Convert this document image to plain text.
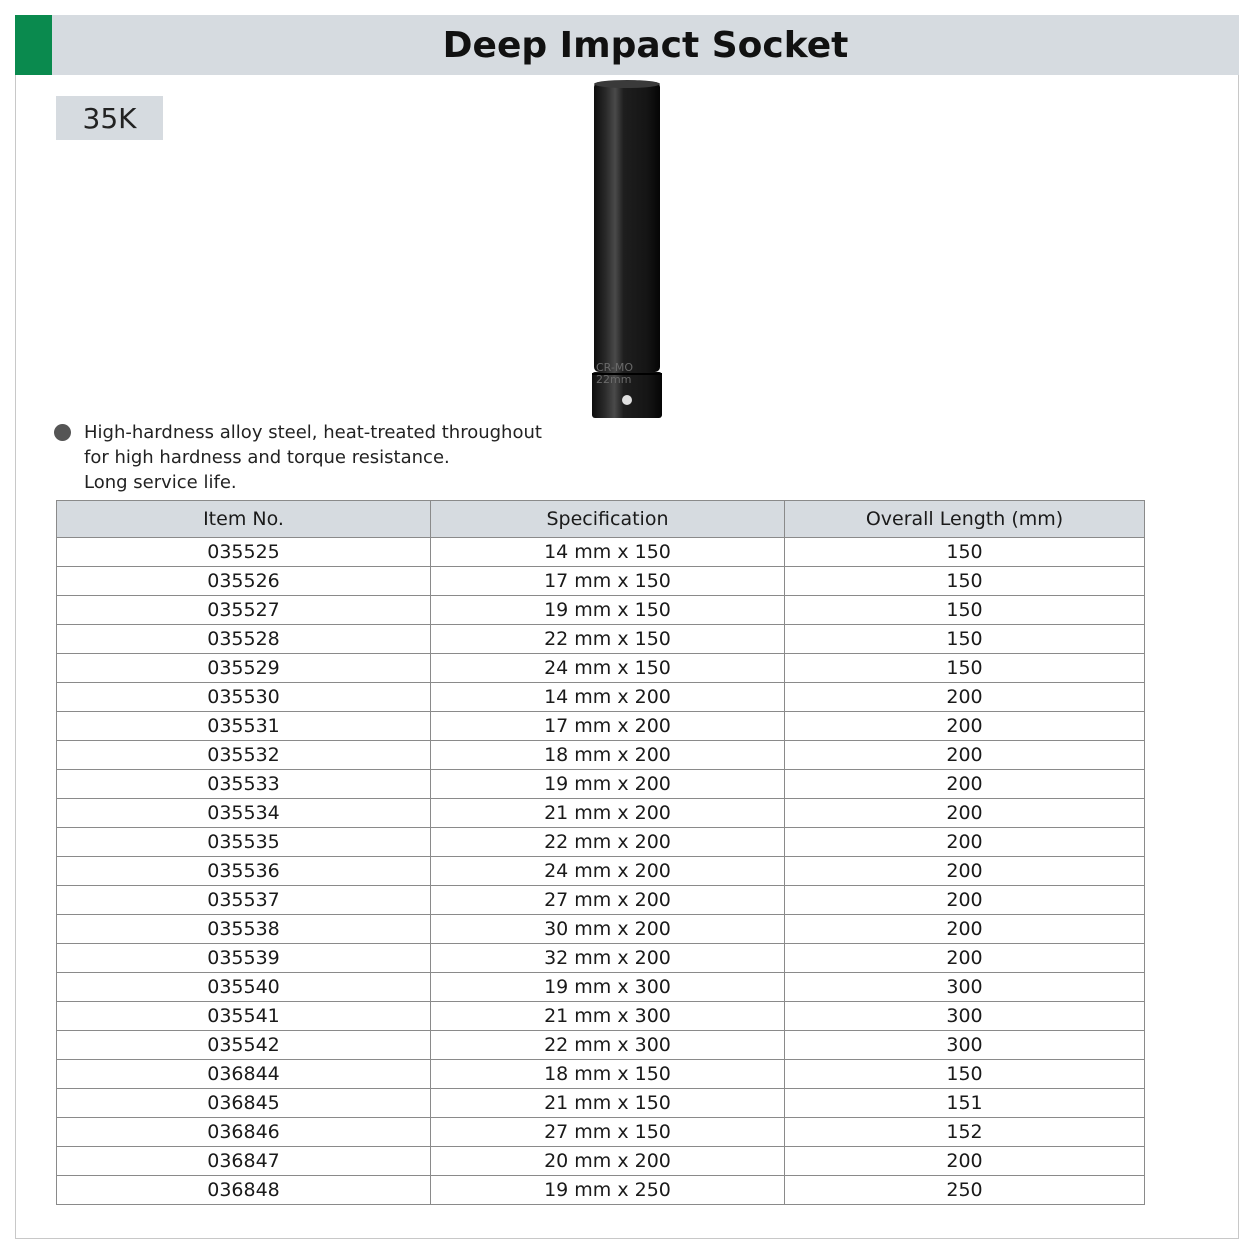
Deep Impact Socket
35K
CR-MO
22mm
High-hardness alloy steel, heat-treated throughout
for high hardness and torque resistance.
Long service life.
Item No.	Specification	Overall Length (mm)
035525	14 mm x 150	150
035526	17 mm x 150	150
035527	19 mm x 150	150
035528	22 mm x 150	150
035529	24 mm x 150	150
035530	14 mm x 200	200
035531	17 mm x 200	200
035532	18 mm x 200	200
035533	19 mm x 200	200
035534	21 mm x 200	200
035535	22 mm x 200	200
035536	24 mm x 200	200
035537	27 mm x 200	200
035538	30 mm x 200	200
035539	32 mm x 200	200
035540	19 mm x 300	300
035541	21 mm x 300	300
035542	22 mm x 300	300
036844	18 mm x 150	150
036845	21 mm x 150	151
036846	27 mm x 150	152
036847	20 mm x 200	200
036848	19 mm x 250	250
